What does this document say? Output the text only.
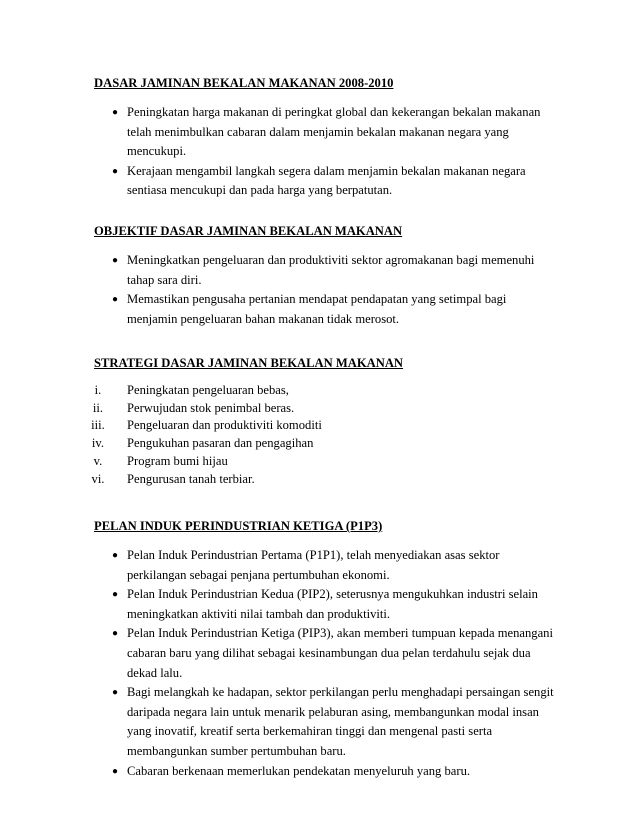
DASAR JAMINAN BEKALAN MAKANAN 2008-2010
● Peningkatan harga makanan di peringkat global dan kekerangan bekalan makanan telah menimbulkan cabaran dalam menjamin bekalan makanan negara yang mencukupi.
● Kerajaan mengambil langkah segera dalam menjamin bekalan makanan negara sentiasa mencukupi dan pada harga yang berpatutan.
OBJEKTIF DASAR JAMINAN BEKALAN MAKANAN
● Meningkatkan pengeluaran dan produktiviti sektor agromakanan bagi memenuhi tahap sara diri.
● Memastikan pengusaha pertanian mendapat pendapatan yang setimpal bagi menjamin pengeluaran bahan makanan tidak merosot.
STRATEGI DASAR JAMINAN BEKALAN MAKANAN
i.	Peningkatan pengeluaran bebas,
ii.	Perwujudan stok penimbal beras.
iii.	Pengeluaran dan produktiviti komoditi
iv.	Pengukuhan pasaran dan pengagihan
v.	Program bumi hijau
vi.	Pengurusan tanah terbiar.
PELAN INDUK PERINDUSTRIAN KETIGA (P1P3)
● Pelan Induk Perindustrian Pertama (P1P1), telah menyediakan asas sektor perkilangan sebagai penjana pertumbuhan ekonomi.
● Pelan Induk Perindustrian Kedua (PIP2), seterusnya mengukuhkan industri selain meningkatkan aktiviti nilai tambah dan produktiviti.
● Pelan Induk Perindustrian Ketiga (PIP3), akan memberi tumpuan kepada menangani cabaran baru yang dilihat sebagai kesinambungan dua pelan terdahulu sejak dua dekad lalu.
● Bagi melangkah ke hadapan, sektor perkilangan perlu menghadapi persaingan sengit daripada negara lain untuk menarik pelaburan asing, membangunkan modal insan yang inovatif, kreatif serta berkemahiran tinggi dan mengenal pasti serta membangunkan sumber pertumbuhan baru.
● Cabaran berkenaan memerlukan pendekatan menyeluruh yang baru.
